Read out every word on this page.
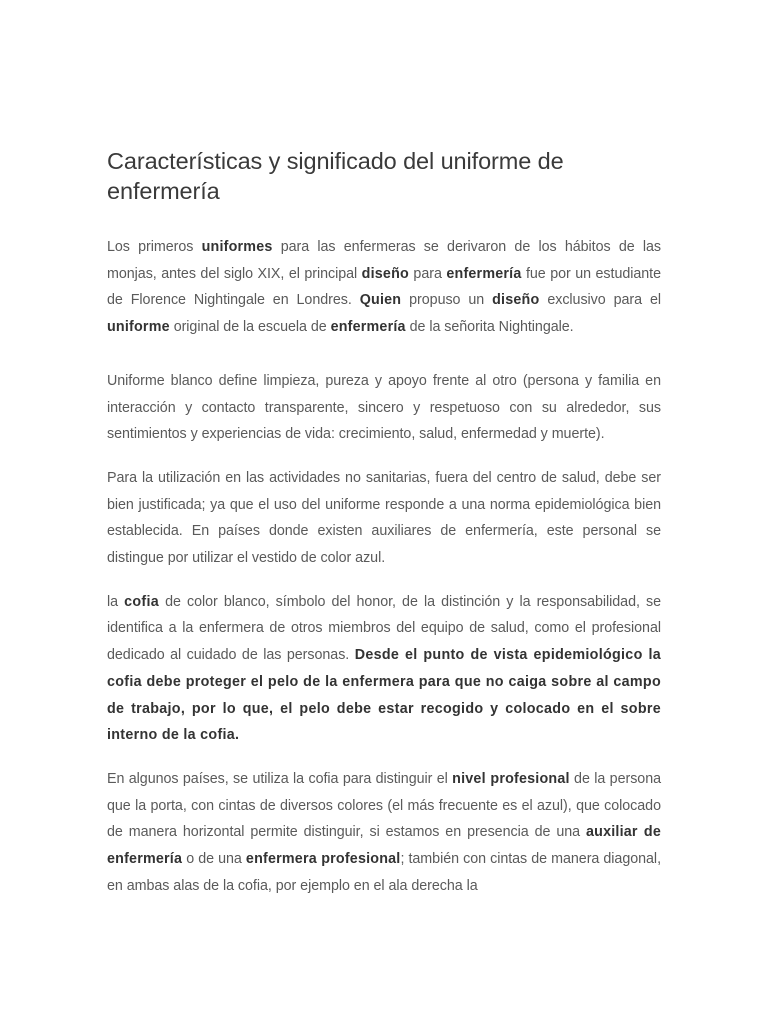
Características y significado del uniforme de enfermería

Los primeros uniformes para las enfermeras se derivaron de los hábitos de las monjas, antes del siglo XIX, el principal diseño para enfermería fue por un estudiante de Florence Nightingale en Londres. Quien propuso un diseño exclusivo para el uniforme original de la escuela de enfermería de la señorita Nightingale.

Uniforme blanco define limpieza, pureza y apoyo frente al otro (persona y familia en interacción y contacto transparente, sincero y respetuoso con su alrededor, sus sentimientos y experiencias de vida: crecimiento, salud, enfermedad y muerte).

Para la utilización en las actividades no sanitarias, fuera del centro de salud, debe ser bien justificada; ya que el uso del uniforme responde a una norma epidemiológica bien establecida. En países donde existen auxiliares de enfermería, este personal se distingue por utilizar el vestido de color azul.

la cofia de color blanco, símbolo del honor, de la distinción y la responsabilidad, se identifica a la enfermera de otros miembros del equipo de salud, como el profesional dedicado al cuidado de las personas. Desde el punto de vista epidemiológico la cofia debe proteger el pelo de la enfermera para que no caiga sobre al campo de trabajo, por lo que, el pelo debe estar recogido y colocado en el sobre interno de la cofia.

En algunos países, se utiliza la cofia para distinguir el nivel profesional de la persona que la porta, con cintas de diversos colores (el más frecuente es el azul), que colocado de manera horizontal permite distinguir, si estamos en presencia de una auxiliar de enfermería o de una enfermera profesional; también con cintas de manera diagonal, en ambas alas de la cofia, por ejemplo en el ala derecha la
